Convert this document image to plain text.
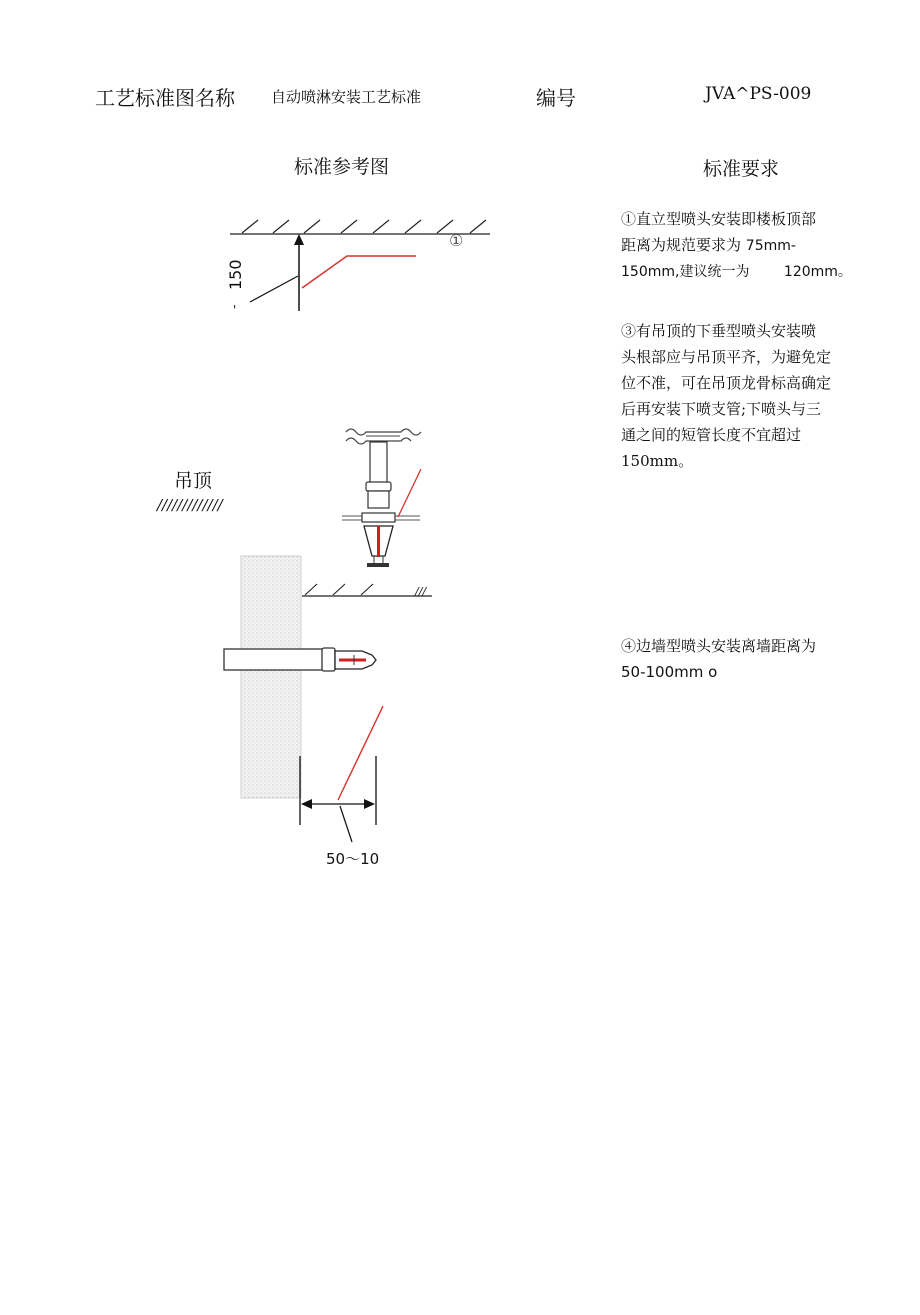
工艺标准图名称 自动喷淋安装工艺标准	编号	JVA^PS-009
标准参考图	标准要求
150
'
①
吊顶
/////////////
///
50～10
①直立型喷头安装即楼板顶部
距离为规范要求为 75mm-
150mm,建议统一为 120mm。
③有吊顶的下垂型喷头安装喷
头根部应与吊顶平齐，为避免定
位不准，可在吊顶龙骨标高确定
后再安装下喷支管;下喷头与三
通之间的短管长度不宜超过
150mm。
④边墙型喷头安装离墙距离为
50-100mm o
